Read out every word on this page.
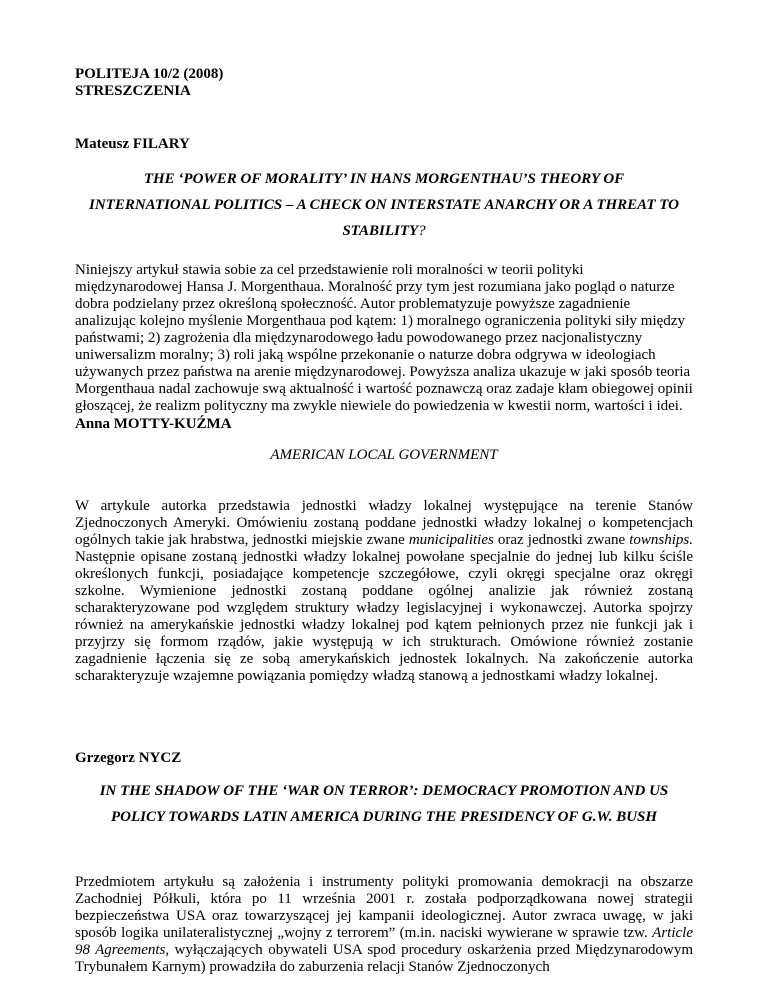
POLITEJA 10/2 (2008)
STRESZCZENIA
Mateusz FILARY
THE ‘POWER OF MORALITY’ IN HANS MORGENTHAU’S THEORY OF
INTERNATIONAL POLITICS – A CHECK ON INTERSTATE ANARCHY OR A THREAT TO
STABILITY?

Niniejszy artykuł stawia sobie za cel przedstawienie roli moralności w teorii polityki międzynarodowej Hansa J. Morgenthaua. Moralność przy tym jest rozumiana jako pogląd o naturze dobra podzielany przez określoną społeczność. Autor problematyzuje powyższe zagadnienie analizując kolejno myślenie Morgenthaua pod kątem: 1) moralnego ograniczenia polityki siły między państwami; 2) zagrożenia dla międzynarodowego ładu powodowanego przez nacjonalistyczny uniwersalizm moralny; 3) roli jaką wspólne przekonanie o naturze dobra odgrywa w ideologiach używanych przez państwa na arenie międzynarodowej. Powyższa analiza ukazuje w jaki sposób teoria Morgenthaua nadal zachowuje swą aktualność i wartość poznawczą oraz zadaje kłam obiegowej opinii głoszącej, że realizm polityczny ma zwykle niewiele do powiedzenia w kwestii norm, wartości i idei.

Anna MOTTY-KUŹMA
AMERICAN LOCAL GOVERNMENT

W artykule autorka przedstawia jednostki władzy lokalnej występujące na terenie Stanów Zjednoczonych Ameryki. Omówieniu zostaną poddane jednostki władzy lokalnej o kompetencjach ogólnych takie jak hrabstwa, jednostki miejskie zwane municipalities oraz jednostki zwane townships. Następnie opisane zostaną jednostki władzy lokalnej powołane specjalnie do jednej lub kilku ściśle określonych funkcji, posiadające kompetencje szczegółowe, czyli okręgi specjalne oraz okręgi szkolne. Wymienione jednostki zostaną poddane ogólnej analizie jak również zostaną scharakteryzowane pod względem struktury władzy legislacyjnej i wykonawczej. Autorka spojrzy również na amerykańskie jednostki władzy lokalnej pod kątem pełnionych przez nie funkcji jak i przyjrzy się formom rządów, jakie występują w ich strukturach. Omówione również zostanie zagadnienie łączenia się ze sobą amerykańskich jednostek lokalnych. Na zakończenie autorka scharakteryzuje wzajemne powiązania pomiędzy władzą stanową a jednostkami władzy lokalnej.

Grzegorz NYCZ
IN THE SHADOW OF THE ‘WAR ON TERROR’: DEMOCRACY PROMOTION AND US
POLICY TOWARDS LATIN AMERICA DURING THE PRESIDENCY OF G.W. BUSH

Przedmiotem artykułu są założenia i instrumenty polityki promowania demokracji na obszarze Zachodniej Półkuli, która po 11 września 2001 r. została podporządkowana nowej strategii bezpieczeństwa USA oraz towarzyszącej jej kampanii ideologicznej. Autor zwraca uwagę, w jaki sposób logika unilateralistycznej „wojny z terrorem” (m.in. naciski wywierane w sprawie tzw. Article 98 Agreements, wyłączających obywateli USA spod procedury oskarżenia przed Międzynarodowym Trybunałem Karnym) prowadziła do zaburzenia relacji Stanów Zjednoczonych
